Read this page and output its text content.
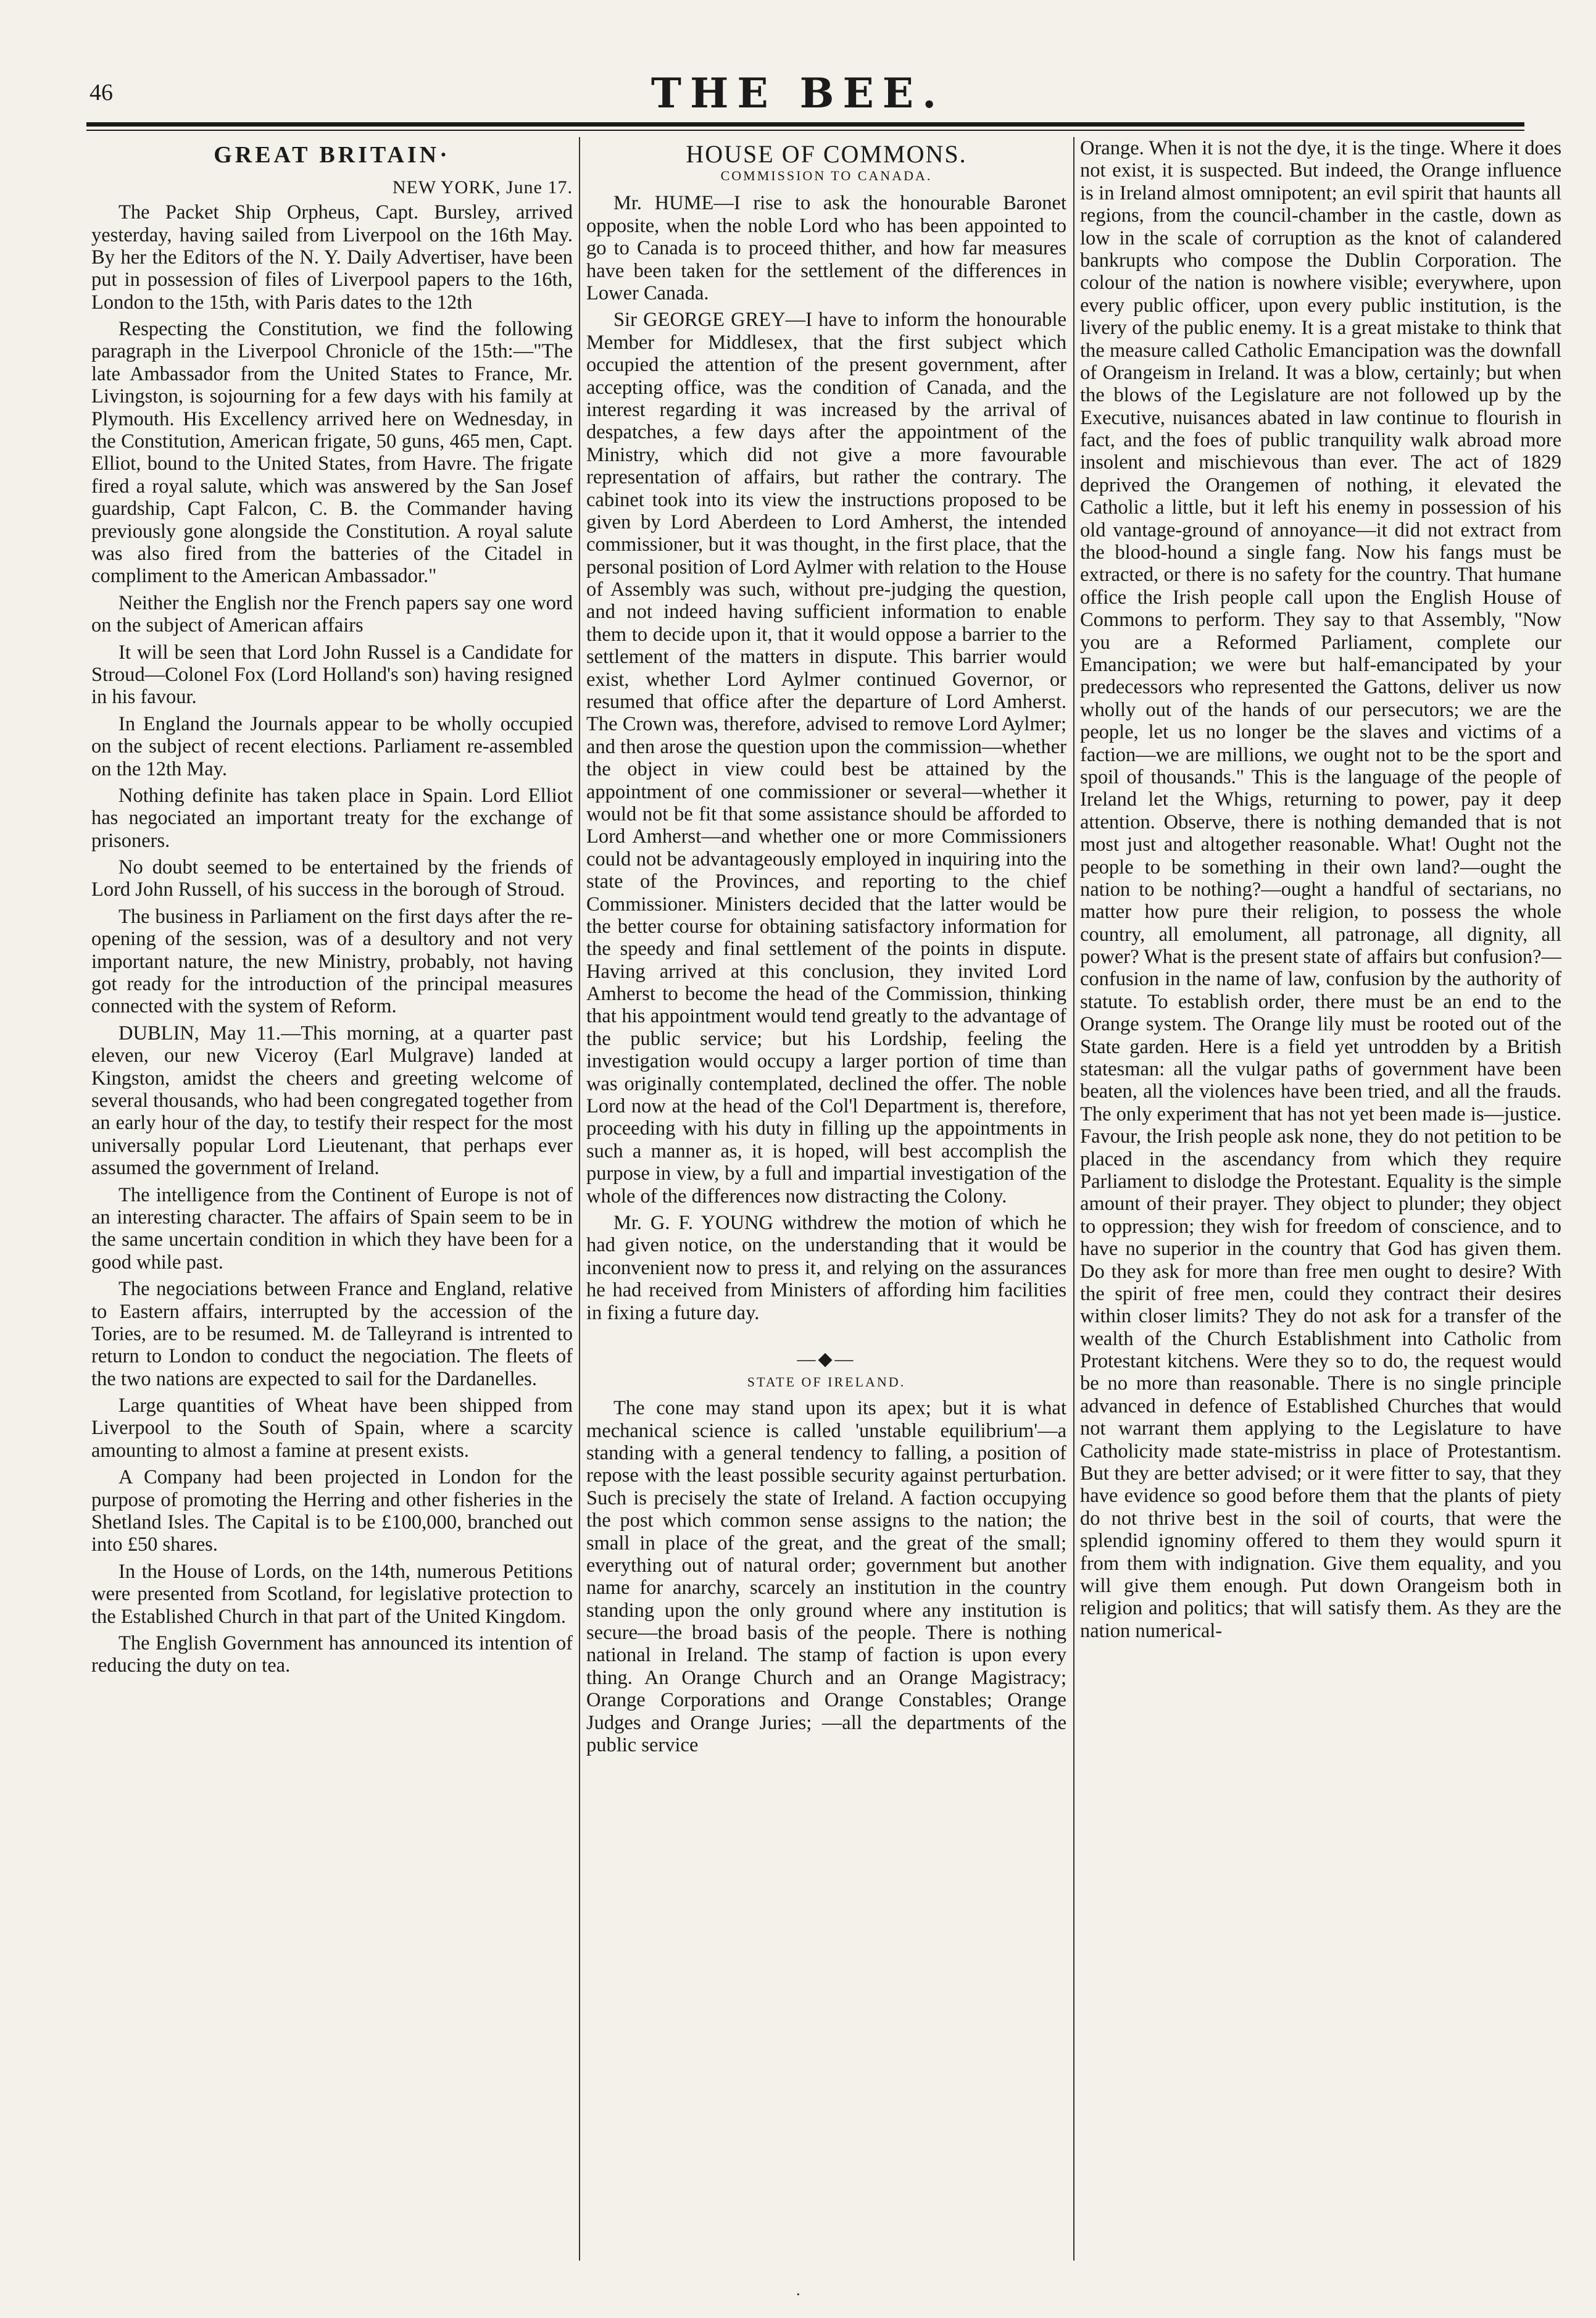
46	THE BEE.
GREAT BRITAIN·
NEW YORK, June 17.

The Packet Ship Orpheus, Capt. Bursley, arrived yesterday, having sailed from Liverpool on the 16th May. By her the Editors of the N. Y. Daily Advertiser, have been put in possession of files of Liverpool papers to the 16th, London to the 15th, with Paris dates to the 12th

Respecting the Constitution, we find the following paragraph in the Liverpool Chronicle of the 15th:—"The late Ambassador from the United States to France, Mr. Livingston, is sojourning for a few days with his family at Plymouth. His Excellency arrived here on Wednesday, in the Constitution, American frigate, 50 guns, 465 men, Capt. Elliot, bound to the United States, from Havre. The frigate fired a royal salute, which was answered by the San Josef guardship, Capt Falcon, C. B. the Commander having previously gone alongside the Constitution. A royal salute was also fired from the batteries of the Citadel in compliment to the American Ambassador."

Neither the English nor the French papers say one word on the subject of American affairs

It will be seen that Lord John Russel is a Candidate for Stroud—Colonel Fox (Lord Holland's son) having resigned in his favour.

In England the Journals appear to be wholly occupied on the subject of recent elections. Parliament re-assembled on the 12th May.

Nothing definite has taken place in Spain. Lord Elliot has negociated an important treaty for the exchange of prisoners.

No doubt seemed to be entertained by the friends of Lord John Russell, of his success in the borough of Stroud.

The business in Parliament on the first days after the re-opening of the session, was of a desultory and not very important nature, the new Ministry, probably, not having got ready for the introduction of the principal measures connected with the system of Reform.

DUBLIN, May 11.—This morning, at a quarter past eleven, our new Viceroy (Earl Mulgrave) landed at Kingston, amidst the cheers and greeting welcome of several thousands, who had been congregated together from an early hour of the day, to testify their respect for the most universally popular Lord Lieutenant, that perhaps ever assumed the government of Ireland.

The intelligence from the Continent of Europe is not of an interesting character. The affairs of Spain seem to be in the same uncertain condition in which they have been for a good while past.

The negociations between France and England, relative to Eastern affairs, interrupted by the accession of the Tories, are to be resumed. M. de Talleyrand is intrented to return to London to conduct the negociation. The fleets of the two nations are expected to sail for the Dardanelles.

Large quantities of Wheat have been shipped from Liverpool to the South of Spain, where a scarcity amounting to almost a famine at present exists.

A Company had been projected in London for the purpose of promoting the Herring and other fisheries in the Shetland Isles. The Capital is to be £100,000, branched out into £50 shares.

In the House of Lords, on the 14th, numerous Petitions were presented from Scotland, for legislative protection to the Established Church in that part of the United Kingdom.

The English Government has announced its intention of reducing the duty on tea.

HOUSE OF COMMONS.
COMMISSION TO CANADA.

Mr. HUME—I rise to ask the honourable Baronet opposite, when the noble Lord who has been appointed to go to Canada is to proceed thither, and how far measures have been taken for the settlement of the differences in Lower Canada.

Sir GEORGE GREY—I have to inform the honourable Member for Middlesex, that the first subject which occupied the attention of the present government, after accepting office, was the condition of Canada, and the interest regarding it was increased by the arrival of despatches, a few days after the appointment of the Ministry, which did not give a more favourable representation of affairs, but rather the contrary. The cabinet took into its view the instructions proposed to be given by Lord Aberdeen to Lord Amherst, the intended commissioner, but it was thought, in the first place, that the personal position of Lord Aylmer with relation to the House of Assembly was such, without pre-judging the question, and not indeed having sufficient information to enable them to decide upon it, that it would oppose a barrier to the settlement of the matters in dispute. This barrier would exist, whether Lord Aylmer continued Governor, or resumed that office after the departure of Lord Amherst. The Crown was, therefore, advised to remove Lord Aylmer; and then arose the question upon the commission—whether the object in view could best be attained by the appointment of one commissioner or several—whether it would not be fit that some assistance should be afforded to Lord Amherst—and whether one or more Commissioners could not be advantageously employed in inquiring into the state of the Provinces, and reporting to the chief Commissioner. Ministers decided that the latter would be the better course for obtaining satisfactory information for the speedy and final settlement of the points in dispute. Having arrived at this conclusion, they invited Lord Amherst to become the head of the Commission, thinking that his appointment would tend greatly to the advantage of the public service; but his Lordship, feeling the investigation would occupy a larger portion of time than was originally contemplated, declined the offer. The noble Lord now at the head of the Col'l Department is, therefore, proceeding with his duty in filling up the appointments in such a manner as, it is hoped, will best accomplish the purpose in view, by a full and impartial investigation of the whole of the differences now distracting the Colony.

Mr. G. F. YOUNG withdrew the motion of which he had given notice, on the understanding that it would be inconvenient now to press it, and relying on the assurances he had received from Ministers of affording him facilities in fixing a future day.

—◆—
STATE OF IRELAND.

The cone may stand upon its apex; but it is what mechanical science is called 'unstable equilibrium'—a standing with a general tendency to falling, a position of repose with the least possible security against perturbation. Such is precisely the state of Ireland. A faction occupying the post which common sense assigns to the nation; the small in place of the great, and the great of the small; everything out of natural order; government but another name for anarchy, scarcely an institution in the country standing upon the only ground where any institution is secure—the broad basis of the people. There is nothing national in Ireland. The stamp of faction is upon every thing. An Orange Church and an Orange Magistracy; Orange Corporations and Orange Constables; Orange Judges and Orange Juries; —all the departments of the public service

Orange. When it is not the dye, it is the tinge. Where it does not exist, it is suspected. But indeed, the Orange influence is in Ireland almost omnipotent; an evil spirit that haunts all regions, from the council-chamber in the castle, down as low in the scale of corruption as the knot of calandered bankrupts who compose the Dublin Corporation. The colour of the nation is nowhere visible; everywhere, upon every public officer, upon every public institution, is the livery of the public enemy. It is a great mistake to think that the measure called Catholic Emancipation was the downfall of Orangeism in Ireland. It was a blow, certainly; but when the blows of the Legislature are not followed up by the Executive, nuisances abated in law continue to flourish in fact, and the foes of public tranquility walk abroad more insolent and mischievous than ever. The act of 1829 deprived the Orangemen of nothing, it elevated the Catholic a little, but it left his enemy in possession of his old vantage-ground of annoyance—it did not extract from the blood-hound a single fang. Now his fangs must be extracted, or there is no safety for the country. That humane office the Irish people call upon the English House of Commons to perform. They say to that Assembly, "Now you are a Reformed Parliament, complete our Emancipation; we were but half-emancipated by your predecessors who represented the Gattons, deliver us now wholly out of the hands of our persecutors; we are the people, let us no longer be the slaves and victims of a faction—we are millions, we ought not to be the sport and spoil of thousands." This is the language of the people of Ireland let the Whigs, returning to power, pay it deep attention. Observe, there is nothing demanded that is not most just and altogether reasonable. What! Ought not the people to be something in their own land?—ought the nation to be nothing?—ought a handful of sectarians, no matter how pure their religion, to possess the whole country, all emolument, all patronage, all dignity, all power? What is the present state of affairs but confusion?—confusion in the name of law, confusion by the authority of statute. To establish order, there must be an end to the Orange system. The Orange lily must be rooted out of the State garden. Here is a field yet untrodden by a British statesman: all the vulgar paths of government have been beaten, all the violences have been tried, and all the frauds. The only experiment that has not yet been made is—justice. Favour, the Irish people ask none, they do not petition to be placed in the ascendancy from which they require Parliament to dislodge the Protestant. Equality is the simple amount of their prayer. They object to plunder; they object to oppression; they wish for freedom of conscience, and to have no superior in the country that God has given them. Do they ask for more than free men ought to desire? With the spirit of free men, could they contract their desires within closer limits? They do not ask for a transfer of the wealth of the Church Establishment into Catholic from Protestant kitchens. Were they so to do, the request would be no more than reasonable. There is no single principle advanced in defence of Established Churches that would not warrant them applying to the Legislature to have Catholicity made state-mistriss in place of Protestantism. But they are better advised; or it were fitter to say, that they have evidence so good before them that the plants of piety do not thrive best in the soil of courts, that were the splendid ignominy offered to them they would spurn it from them with indignation. Give them equality, and you will give them enough. Put down Orangeism both in religion and politics; that will satisfy them. As they are the nation numerical-

.
